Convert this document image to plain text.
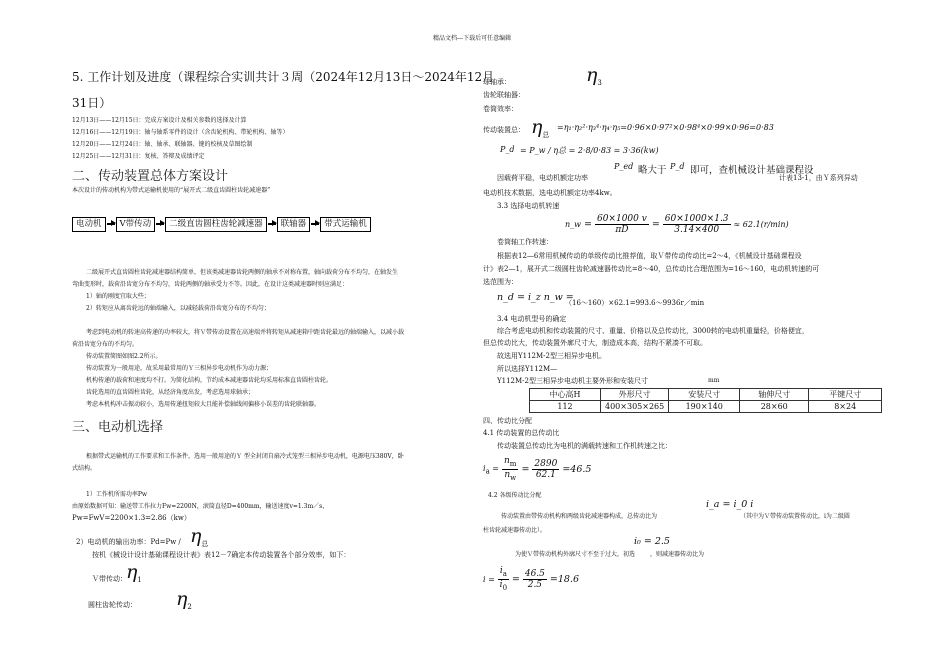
精品文档---下载后可任意编辑
5. 工作计划及进度（课程综合实训共计３周（2024年12月13日～2024年12月
31日）
12月13日——12月15日：完成方案设计及相关参数的选择及计算
12月16日——12月19日：轴与轴系零件的设计（含齿轮机构、带轮机构、轴等）
12月20日——12月24日：轴、轴承、联轴器、键的校核及草图绘制
12月25日——12月31日：复核、答辩及成绩评定
二、传动装置总体方案设计
本次设计的传动机构为带式运输机使用的“展开式二级直齿圆柱齿轮减速器”
电动机	V带传动	二级直齿圆柱齿轮减速器	联轴器	带式运输机
二级展开式直齿圆柱齿轮减速器结构简单，但该类减速器齿轮两侧的轴承不对称布置，轴向载荷分布不均匀，在轴发生
弯曲变形时，载荷沿齿宽分布不均匀，齿轮两侧的轴承受力不等。因此，在设计这类减速器时则应满足：
1）轴的刚度宜取大些；
2）转矩应从离齿轮远的轴端输入，以减轻载荷沿齿宽分布的不均匀；
考虑到电动机的转速高传递的功率较大，将Ｖ带传动设置在高速端并将转矩从减速箱中距齿轮最远的轴端输入，以减小载
荷沿齿宽分布的不均匀。
传动装置简图如图2.2所示。
传动装置为一般用途，故采用最常用的Ｙ三相异步电动机作为动力源；
机构传递的载荷和速度均不打。为简化结构，节约成本减速器齿轮均采用标准直齿圆柱齿轮。
齿轮选用的直齿圆柱齿轮，从经济角度出发，考虑选用球轴承；
考虑本机构冲击振动较小，选用传递扭矩较大且能补偿轴线间偏移小误差的齿轮联轴器。
三、电动机选择
根据带式运输机的工作要求和工作条件，选用一般用途的Ｙ 型全封闭自扇冷式笼型三相异步电动机，电源电压380V，卧
式结构。
1）工作机所需功率Pw
由原始数据可知：输送带工作拉力Fw=2200N，滚筒直径D=400mm，输送速度v=1.3m／s，
Pw=FwV=2200×1.3=2.86（kw）
2）电动机的输出功率：$Pd=Pw / \eta_总$
按机《械设计设计基础课程设计表》表12－7确定本传动装置各个部分效率，如下：
Ｖ带传动： $\eta_1$
圆柱齿轮传动： $\eta_2$
球轴承：	$\eta_3$
齿轮联轴器：
卷筒效率：
传动装置总： $\eta_总$
=η₁·η₂²·η₃⁴·η₄·η₅=0·96×0·97²×0·98⁴×0·99×0·96=0·83
P_d = P_w / η总 = 2·8/0·83 = 3·36(kw)
P_ed 略大于 P_d 即可，查机械设计基础课程设
因载荷平稳，电动机额定功率	计表13-1，由Ｙ系列异动
电动机技术数据，选电动机额定功率4kw。
3.3 选择电动机转速
n_w = $\frac{60\times 1000 v}{\pi D} = \frac{60\times 1000\times 1.3}{3.14\times 400} \approx 62.1(r/\min)$
卷筒轴工作转速：
根据表12—6常用机械传动的单级传动比推荐值，取Ｖ带传动传动比=2～4，《机械设计基础课程设
计》表2—1，展开式二级圆柱齿轮减速器传动比=8～40，总传动比合理范围为=16～160，电动机转速的可
选范围为：
n_d = i_z n_w =
（16～160）×62.1=993.6～9936r／min
3.4 电动机型号的确定
综合考虑电动机和传动装置的尺寸、重量、价格以及总传动比，3000转的电动机重量轻，价格便宜，
但总传动比大，传动装置外廓尺寸大，制造成本高，结构不紧凑不可取。
故选用Y112M-2型三相异步电机。
所以选择Y112M—
Y112M-2型三相异步电动机主要外形和安装尺寸	mm
中心高H	外形尺寸	安装尺寸	轴伸尺寸	平键尺寸
112	400×305×265	190×140	28×60	8×24
四、传动比分配
4.1 传动装置的总传动比
传动装置总传动比为电机的满载转速和工作机转速之比：
ia = $\frac{n_m}{n_w} = \frac{2890}{62.1} =46.5$
4.2 各级传动比分配
i_a = i_0 i
传动装置由带传动机构和两级齿轮减速器构成，总传动比为	（其中为Ｖ带传动装置传动比，i为二级圆
柱齿轮减速器传动比）。
i₀ = 2.5
为使Ｖ带传动机构外廓尺寸不至于过大，初选 ，则减速器传动比为
$i = \frac{i_a}{i_0} = \frac{46.5}{2.5} =18.6$
